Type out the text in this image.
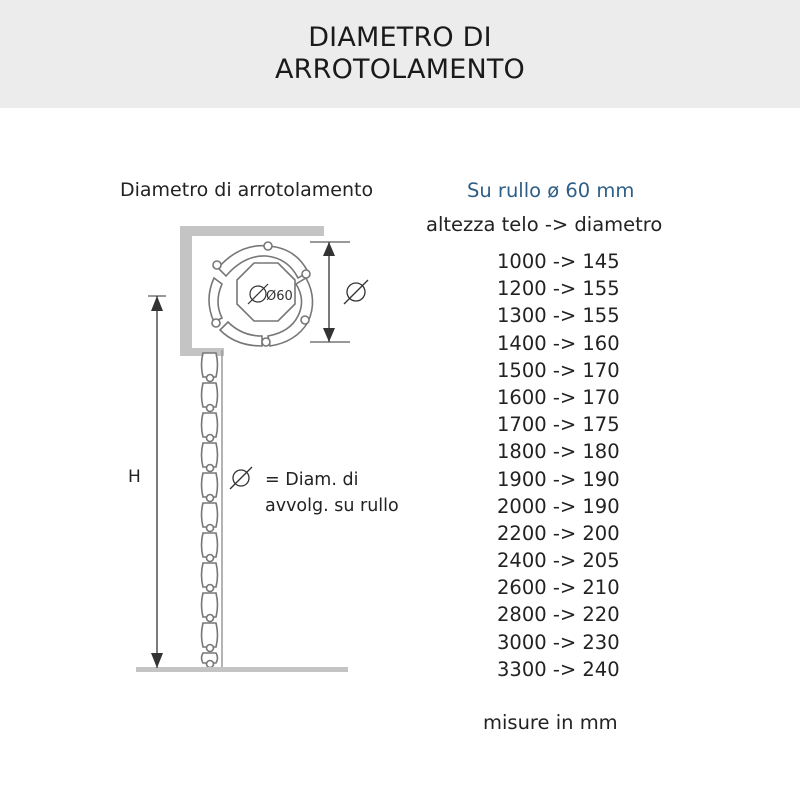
DIAMETRO DI
ARROTOLAMENTO
Diametro di arrotolamento	Su rullo ø 60 mm
altezza telo -> diametro
1000 -> 145
1200 -> 155
1300 -> 155
1400 -> 160
1500 -> 170
1600 -> 170
1700 -> 175
1800 -> 180
1900 -> 190
2000 -> 190
2200 -> 200
2400 -> 205
2600 -> 210
2800 -> 220
3000 -> 230
3300 -> 240
misure in mm
Ø60
H	= Diam. di
avvolg. su rullo
